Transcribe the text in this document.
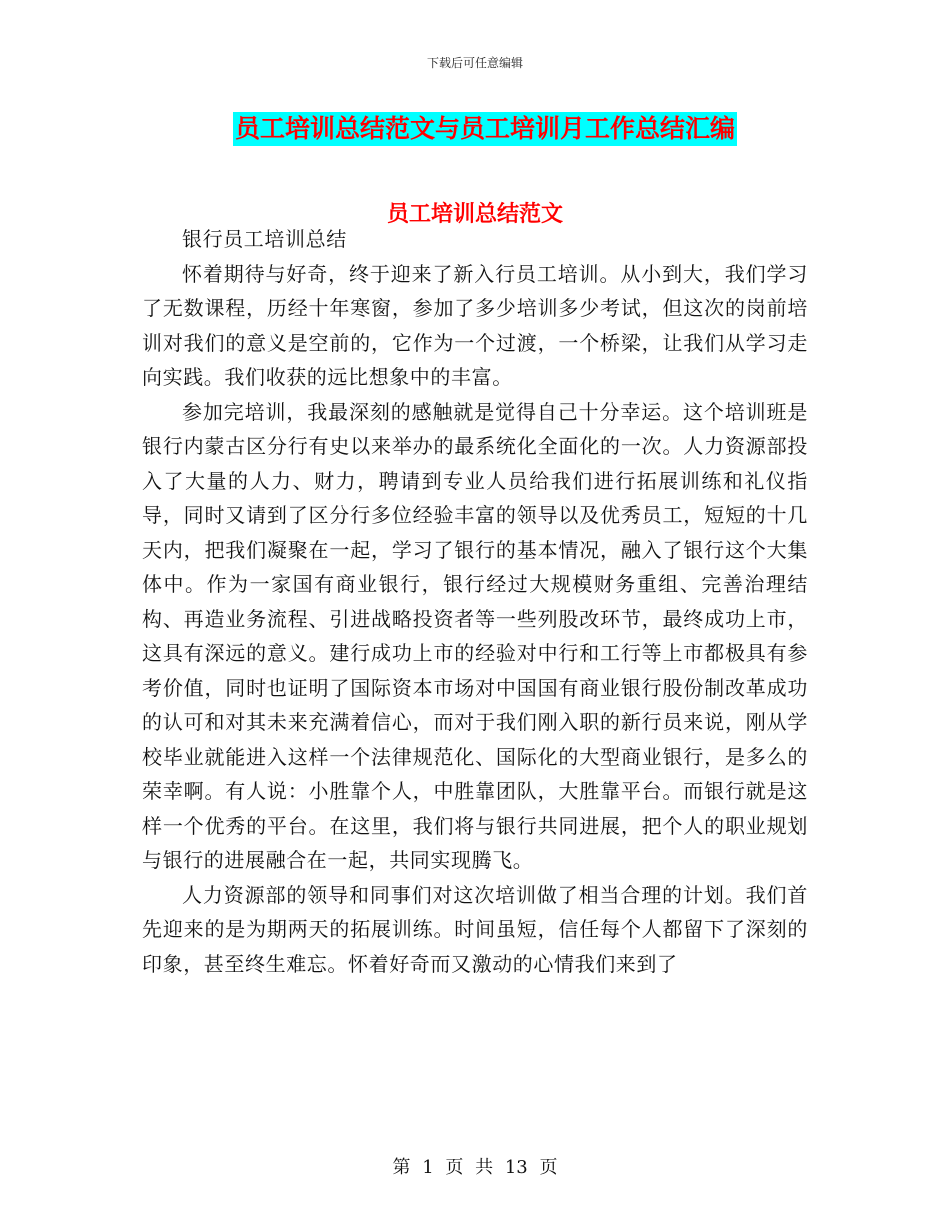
下载后可任意编辑
员工培训总结范文与员工培训月工作总结汇编
员工培训总结范文

银行员工培训总结

怀着期待与好奇，终于迎来了新入行员工培训。从小到大，我们学习了无数课程，历经十年寒窗，参加了多少培训多少考试，但这次的岗前培训对我们的意义是空前的，它作为一个过渡，一个桥梁，让我们从学习走向实践。我们收获的远比想象中的丰富。

参加完培训，我最深刻的感触就是觉得自己十分幸运。这个培训班是银行内蒙古区分行有史以来举办的最系统化全面化的一次。人力资源部投入了大量的人力、财力，聘请到专业人员给我们进行拓展训练和礼仪指导，同时又请到了区分行多位经验丰富的领导以及优秀员工，短短的十几天内，把我们凝聚在一起，学习了银行的基本情况，融入了银行这个大集体中。作为一家国有商业银行，银行经过大规模财务重组、完善治理结构、再造业务流程、引进战略投资者等一些列股改环节，最终成功上市，这具有深远的意义。建行成功上市的经验对中行和工行等上市都极具有参考价值，同时也证明了国际资本市场对中国国有商业银行股份制改革成功的认可和对其未来充满着信心，而对于我们刚入职的新行员来说，刚从学校毕业就能进入这样一个法律规范化、国际化的大型商业银行，是多么的荣幸啊。有人说：小胜靠个人，中胜靠团队，大胜靠平台。而银行就是这样一个优秀的平台。在这里，我们将与银行共同进展，把个人的职业规划与银行的进展融合在一起，共同实现腾飞。

人力资源部的领导和同事们对这次培训做了相当合理的计划。我们首先迎来的是为期两天的拓展训练。时间虽短，信任每个人都留下了深刻的印象，甚至终生难忘。怀着好奇而又激动的心情我们来到了

第 1 页 共 13 页
